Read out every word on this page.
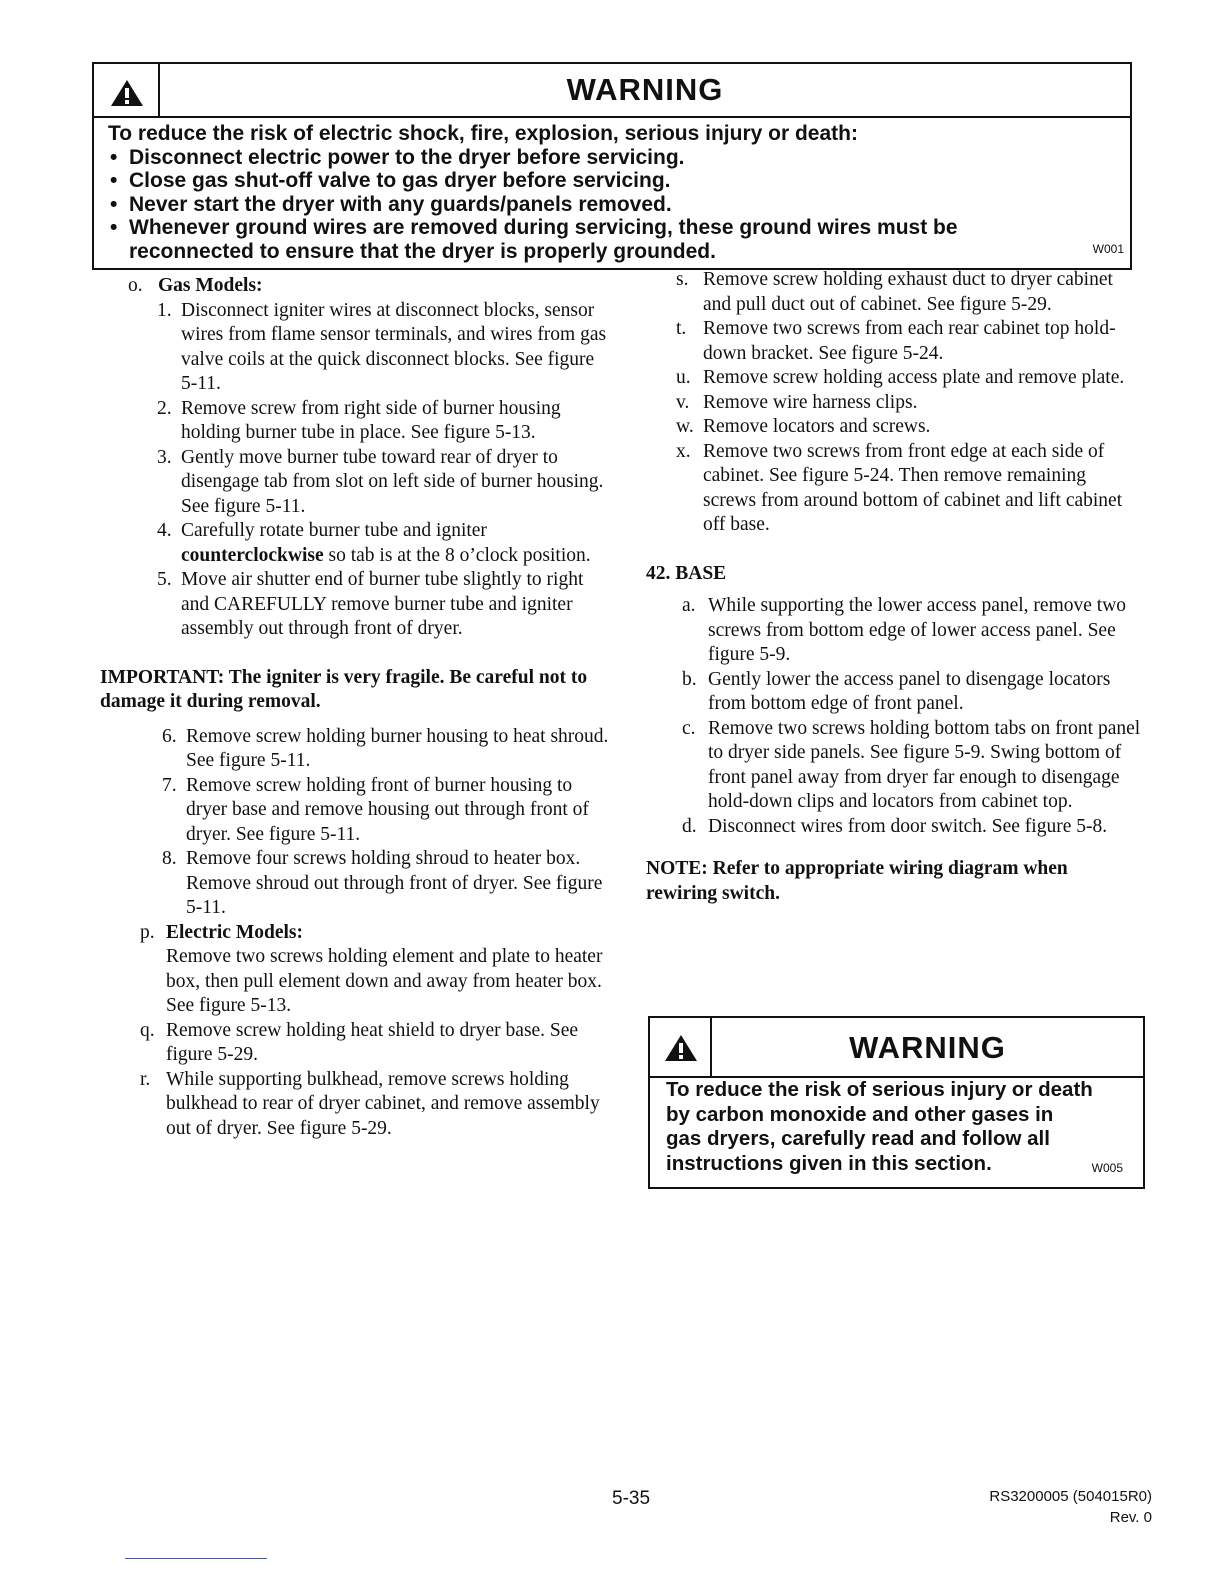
WARNING
To reduce the risk of electric shock, fire, explosion, serious injury or death:
• Disconnect electric power to the dryer before servicing.
• Close gas shut-off valve to gas dryer before servicing.
• Never start the dryer with any guards/panels removed.
• Whenever ground wires are removed during servicing, these ground wires must be reconnected to ensure that the dryer is properly grounded.	W001
o. Gas Models:
1. Disconnect igniter wires at disconnect blocks, sensor wires from flame sensor terminals, and wires from gas valve coils at the quick disconnect blocks. See figure 5-11.

2. Remove screw from right side of burner housing holding burner tube in place. See figure 5-13.

3. Gently move burner tube toward rear of dryer to disengage tab from slot on left side of burner housing. See figure 5-11.

4. Carefully rotate burner tube and igniter counterclockwise so tab is at the 8 o’clock position.

5. Move air shutter end of burner tube slightly to right and CAREFULLY remove burner tube and igniter assembly out through front of dryer.

IMPORTANT: The igniter is very fragile. Be careful not to damage it during removal.
6. Remove screw holding burner housing to heat shroud. See figure 5-11.

7. Remove screw holding front of burner housing to dryer base and remove housing out through front of dryer. See figure 5-11.

8. Remove four screws holding shroud to heater box. Remove shroud out through front of dryer. See figure 5-11.

p. Electric Models:

Remove two screws holding element and plate to heater box, then pull element down and away from heater box. See figure 5-13.

q. Remove screw holding heat shield to dryer base. See figure 5-29.

r. While supporting bulkhead, remove screws holding bulkhead to rear of dryer cabinet, and remove assembly out of dryer. See figure 5-29.

s. Remove screw holding exhaust duct to dryer cabinet and pull duct out of cabinet. See figure 5-29.

t. Remove two screws from each rear cabinet top hold-down bracket. See figure 5-24.

u. Remove screw holding access plate and remove plate.

v. Remove wire harness clips.

w. Remove locators and screws.

x. Remove two screws from front edge at each side of cabinet. See figure 5-24. Then remove remaining screws from around bottom of cabinet and lift cabinet off base.

42. BASE
a. While supporting the lower access panel, remove two screws from bottom edge of lower access panel. See figure 5-9.

b. Gently lower the access panel to disengage locators from bottom edge of front panel.

c. Remove two screws holding bottom tabs on front panel to dryer side panels. See figure 5-9. Swing bottom of front panel away from dryer far enough to disengage hold-down clips and locators from cabinet top.

d. Disconnect wires from door switch. See figure 5-8.

NOTE: Refer to appropriate wiring diagram when rewiring switch.
WARNING
To reduce the risk of serious injury or death by carbon monoxide and other gases in gas dryers, carefully read and follow all instructions given in this section.	W005
5-35	RS3200005 (504015R0)
Rev. 0
